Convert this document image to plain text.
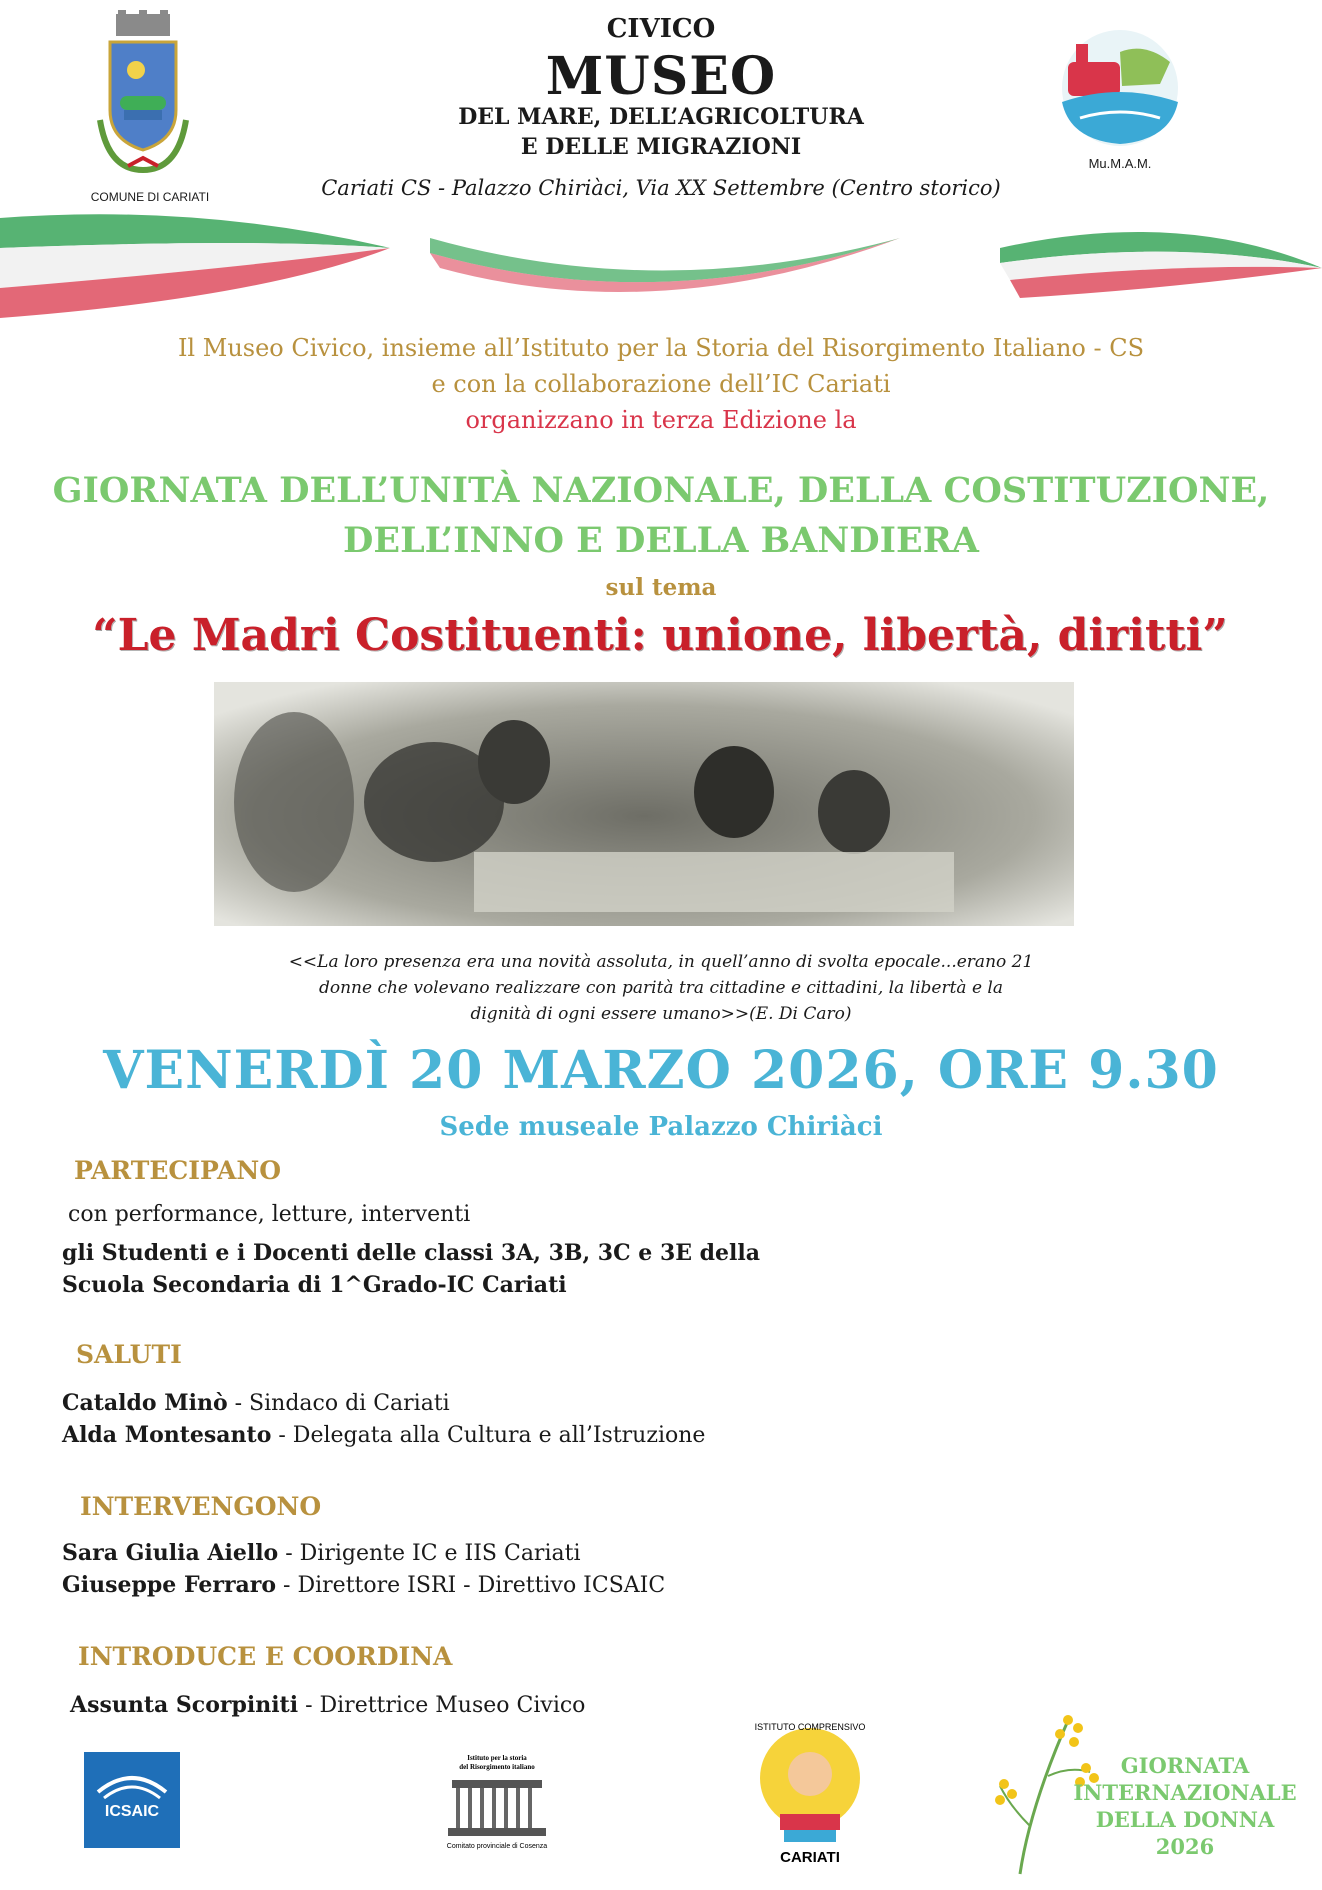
COMUNE DI CARIATI
CIVICO
MUSEO
DEL MARE, DELL’AGRICOLTURA
E DELLE MIGRAZIONI
Cariati CS - Palazzo Chiriàci, Via XX Settembre (Centro storico)
Mu.M.A.M.
Il Museo Civico, insieme all’Istituto per la Storia del Risorgimento Italiano - CS
e con la collaborazione dell’IC Cariati
organizzano in terza Edizione la
GIORNATA DELL’UNITÀ NAZIONALE, DELLA COSTITUZIONE,
DELL’INNO E DELLA BANDIERA
sul tema
“Le Madri Costituenti: unione, libertà, diritti”
<<La loro presenza era una novità assoluta, in quell’anno di svolta epocale...erano 21
donne che volevano realizzare con parità tra cittadine e cittadini, la libertà e la
dignità di ogni essere umano>>(E. Di Caro)
VENERDÌ 20 MARZO 2026, ORE 9.30
Sede museale Palazzo Chiriàci
PARTECIPANO
con performance, letture, interventi
gli Studenti e i Docenti delle classi 3A, 3B, 3C e 3E della
Scuola Secondaria di 1^Grado-IC Cariati
SALUTI
Cataldo Minò - Sindaco di Cariati
Alda Montesanto - Delegata alla Cultura e all’Istruzione
INTERVENGONO
Sara Giulia Aiello - Dirigente IC e IIS Cariati
Giuseppe Ferraro - Direttore ISRI - Direttivo ICSAIC
INTRODUCE E COORDINA
Assunta Scorpiniti - Direttrice Museo Civico
ICSAIC
Istituto per la storia
del Risorgimento italiano
Comitato provinciale di Cosenza
ISTITUTO COMPRENSIVO
CARIATI
GIORNATA
INTERNAZIONALE
DELLA DONNA
2026
